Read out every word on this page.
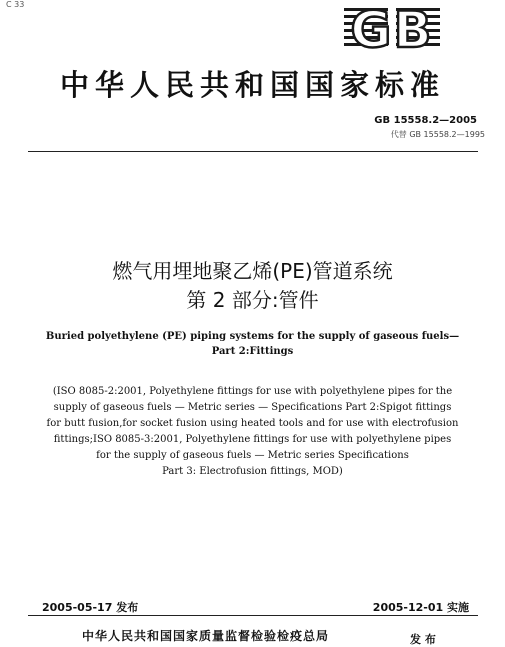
C 33	GB
中华人民共和国国家标准
GB 15558.2—2005
代替 GB 15558.2—1995
燃气用埋地聚乙烯(PE)管道系统
第 2 部分:管件
Buried polyethylene (PE) piping systems for the supply of gaseous fuels—
Part 2:Fittings
(ISO 8085-2:2001, Polyethylene fittings for use with polyethylene pipes for the
supply of gaseous fuels — Metric series — Specifications Part 2:Spigot fittings
for butt fusion,for socket fusion using heated tools and for use with electrofusion
fittings;ISO 8085-3:2001, Polyethylene fittings for use with polyethylene pipes
for the supply of gaseous fuels — Metric series Specifications
Part 3: Electrofusion fittings, MOD)
2005-05-17 发布	2005-12-01 实施
中华人民共和国国家质量监督检验检疫总局	发 布
